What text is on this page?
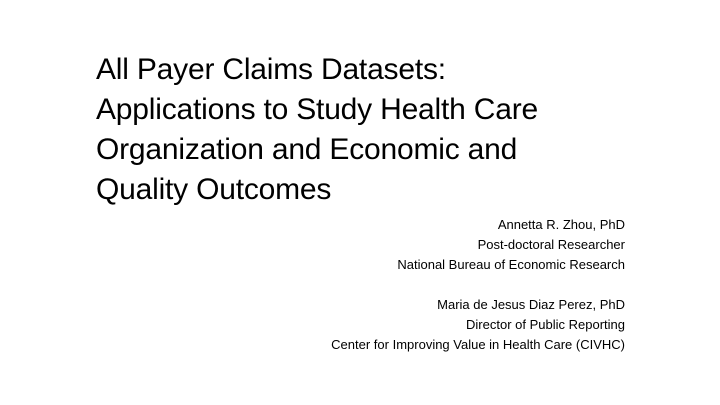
All Payer Claims Datasets:
Applications to Study Health Care
Organization and Economic and
Quality Outcomes
Annetta R. Zhou, PhD
Post-doctoral Researcher
National Bureau of Economic Research
Maria de Jesus Diaz Perez, PhD
Director of Public Reporting
Center for Improving Value in Health Care (CIVHC)
